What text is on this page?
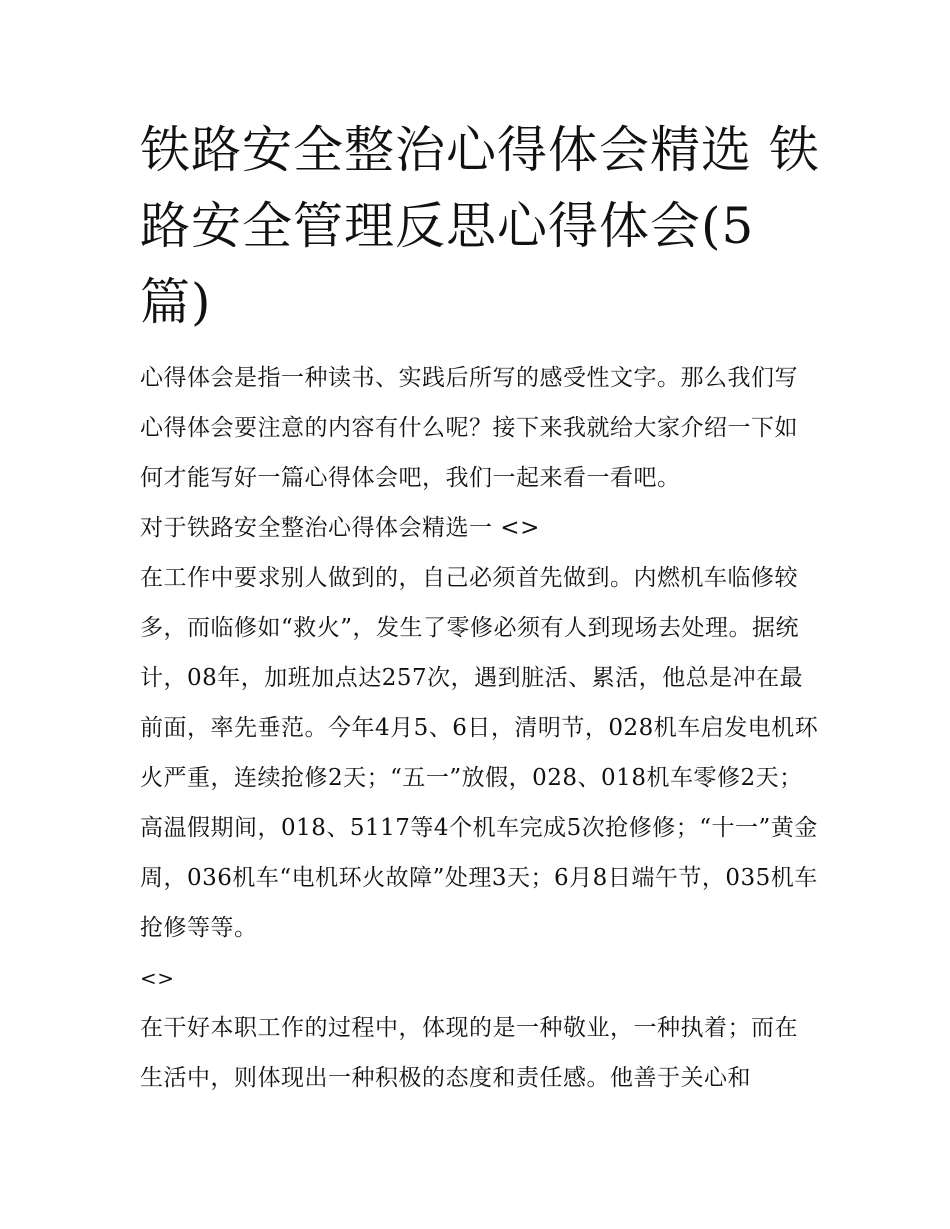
铁路安全整治心得体会精选 铁路安全管理反思心得体会(5篇)

心得体会是指一种读书、实践后所写的感受性文字。那么我们写心得体会要注意的内容有什么呢？接下来我就给大家介绍一下如何才能写好一篇心得体会吧，我们一起来看一看吧。

对于铁路安全整治心得体会精选一 <>

在工作中要求别人做到的，自己必须首先做到。内燃机车临修较多，而临修如“救火”，发生了零修必须有人到现场去处理。据统计，08年，加班加点达257次，遇到脏活、累活，他总是冲在最前面，率先垂范。今年4月5、6日，清明节，028机车启发电机环火严重，连续抢修2天；“五一”放假，028、018机车零修2天；高温假期间，018、5117等4个机车完成5次抢修修；“十一”黄金周，036机车“电机环火故障”处理3天；6月8日端午节，035机车抢修等等。

<>

在干好本职工作的过程中，体现的是一种敬业，一种执着；而在生活中，则体现出一种积极的态度和责任感。他善于关心和
